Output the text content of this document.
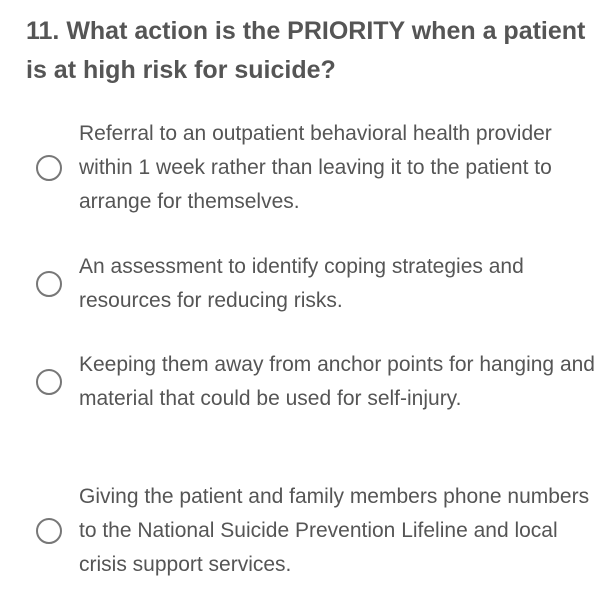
11. What action is the PRIORITY when a patient is at high risk for suicide?
Referral to an outpatient behavioral health provider within 1 week rather than leaving it to the patient to arrange for themselves.
An assessment to identify coping strategies and resources for reducing risks.
Keeping them away from anchor points for hanging and material that could be used for self-injury.
Giving the patient and family members phone numbers to the National Suicide Prevention Lifeline and local crisis support services.
